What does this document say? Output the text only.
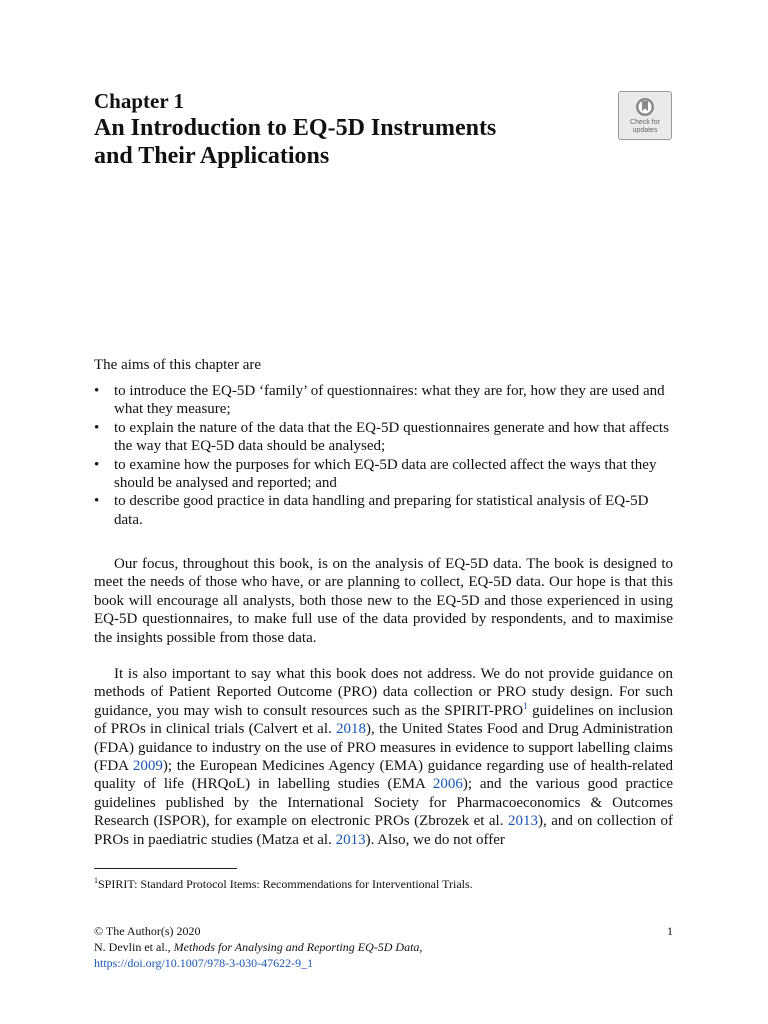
Chapter 1
An Introduction to EQ-5D Instruments
and Their Applications
Check for
updates
The aims of this chapter are
• to introduce the EQ-5D ‘family’ of questionnaires: what they are for, how they are used and what they measure;
• to explain the nature of the data that the EQ-5D questionnaires generate and how that affects the way that EQ-5D data should be analysed;
• to examine how the purposes for which EQ-5D data are collected affect the ways that they should be analysed and reported; and
• to describe good practice in data handling and preparing for statistical analysis of EQ-5D data.

Our focus, throughout this book, is on the analysis of EQ-5D data. The book is designed to meet the needs of those who have, or are planning to collect, EQ-5D data. Our hope is that this book will encourage all analysts, both those new to the EQ-5D and those experienced in using EQ-5D questionnaires, to make full use of the data provided by respondents, and to maximise the insights possible from those data.

It is also important to say what this book does not address. We do not provide guidance on methods of Patient Reported Outcome (PRO) data collection or PRO study design. For such guidance, you may wish to consult resources such as the SPIRIT-PRO$^1$ guidelines on inclusion of PROs in clinical trials (Calvert et al. 2018), the United States Food and Drug Administration (FDA) guidance to industry on the use of PRO measures in evidence to support labelling claims (FDA 2009); the European Medicines Agency (EMA) guidance regarding use of health-related quality of life (HRQoL) in labelling studies (EMA 2006); and the various good practice guidelines published by the International Society for Pharmacoeconomics & Outcomes Research (ISPOR), for example on electronic PROs (Zbrozek et al. 2013), and on collection of PROs in paediatric studies (Matza et al. 2013). Also, we do not offer

$^1$SPIRIT: Standard Protocol Items: Recommendations for Interventional Trials.
© The Author(s) 2020	1
N. Devlin et al., Methods for Analysing and Reporting EQ-5D Data,
https://doi.org/10.1007/978-3-030-47622-9_1
